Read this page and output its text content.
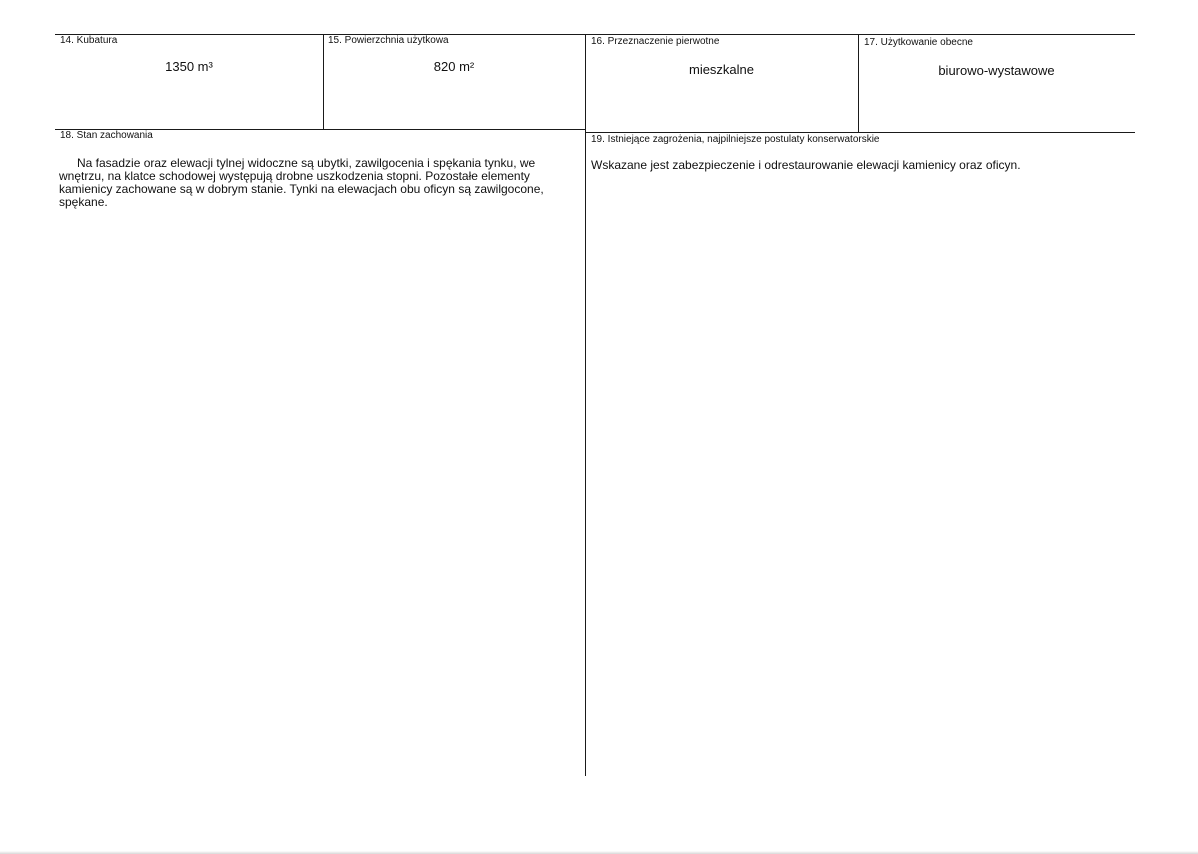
14. Kubatura
1350 m³
15. Powierzchnia użytkowa
820 m²
16. Przeznaczenie pierwotne
mieszkalne
17. Użytkowanie obecne
biurowo-wystawowe
18. Stan zachowania
Na fasadzie oraz elewacji tylnej widoczne są ubytki, zawilgocenia i spękania tynku, we wnętrzu, na klatce schodowej występują drobne uszkodzenia stopni. Pozostałe elementy kamienicy zachowane są w dobrym stanie. Tynki na elewacjach obu oficyn są zawilgocone, spękane.
19. Istniejące zagrożenia, najpilniejsze postulaty konserwatorskie
Wskazane jest zabezpieczenie i odrestaurowanie elewacji kamienicy oraz oficyn.
